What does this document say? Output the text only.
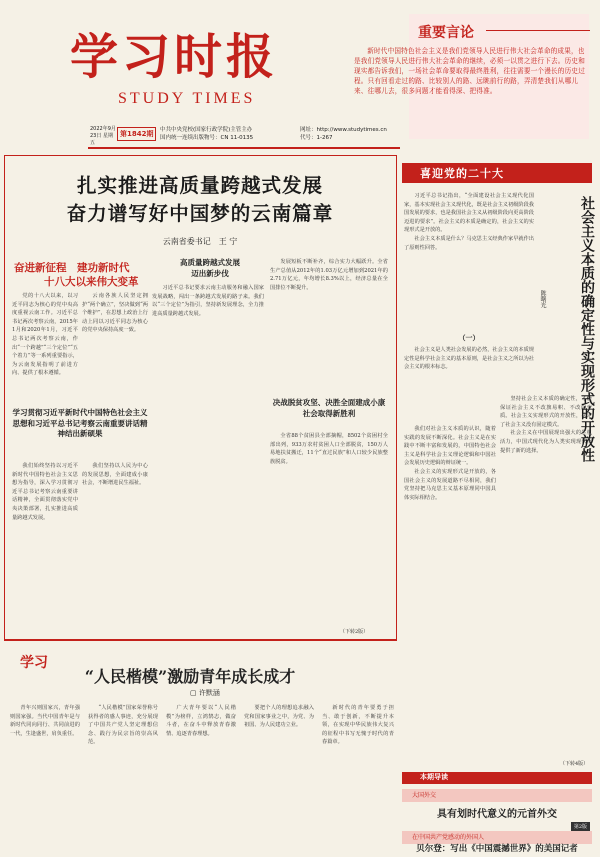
学习时报
STUDY TIMES
2022年9月23日 星期五
第1842期	中共中央党校(国家行政学院)主管主办
国内统一连续出版物号：CN 11-0135
网址：http://www.studytimes.cn
代号：1-267
重要言论
新时代中国特色社会主义是我们党领导人民进行伟大社会革命的成果，也是我们党领导人民进行伟大社会革命的继续，必须一以贯之进行下去。历史和现实都告诉我们，一场社会革命要取得最终胜利，往往需要一个漫长的历史过程。只有回看走过的路、比较别人的路、远眺前行的路，弄清楚我们从哪儿来、往哪儿去，很多问题才能看得深、把得准。
扎实推进高质量跨越式发展
奋力谱写好中国梦的云南篇章
云南省委书记　王 宁
奋进新征程　建功新时代
十八大以来伟大变革

党的十八大以来，以习近平同志为核心的党中央高度重视云南工作。习近平总书记两次考察云南，2015年1月和2020年1月，习近平总书记两次考察云南，作出“一个跨越”“三个定位”“五个着力”等一系列重要指示，为云南发展指明了前进方向、提供了根本遵循。

云南各族人民坚定拥护“两个确立”，坚决做到“两个维护”，在思想上政治上行动上同以习近平同志为核心的党中央保持高度一致。

学习贯彻习近平新时代中国特色社会主义思想和习近平总书记考察云南重要讲话精神结出新硕果

我们始终坚持以习近平新时代中国特色社会主义思想为指导，深入学习贯彻习近平总书记考察云南重要讲话精神，全面贯彻落实党中央决策部署，扎实推进高质量跨越式发展。

我们坚持以人民为中心的发展思想，全面建成小康社会，不断增进民生福祉。

高质量跨越式发展
迈出新步伐

习近平总书记要求云南主动服务和融入国家发展战略，闯出一条跨越式发展的路子来。我们以“三个定位”为指引，坚持新发展理念，全力推进高质量跨越式发展。

发展短板不断补齐，综合实力大幅跃升。全省生产总值从2012年的1.03万亿元增加到2021年的2.71万亿元，年均增长8.3%以上，经济总量在全国排位不断提升。

决战脱贫攻坚、决胜全面建成小康社会取得新胜利

全省88个贫困县全部摘帽，8502个贫困村全部出列，933万农村贫困人口全部脱贫，150万人易地扶贫搬迁，11个“直过民族”和人口较少民族整族脱贫。

（下转2版）
喜迎党的二十大
社会主义本质的确定性与实现形式的开放性
陈曙光

习近平总书记指出，“全面建设社会主义现代化国家，基本实现社会主义现代化，既是社会主义初级阶段我国发展的要求，也是我国社会主义从初级阶段向更高阶段迈进的要求”。社会主义的本质是确定的，社会主义的实现形式是开放的。

社会主义本质是什么？马克思主义经典作家早就作出了原则性回答。

（一）

社会主义是人类社会发展的必然，社会主义的本质规定性是科学社会主义的基本原则，是社会主义之所以为社会主义的根本标志。

我们对社会主义本质的认识，随着实践的发展不断深化。社会主义是在实践中不断丰富和发展的，中国特色社会主义是科学社会主义理论逻辑和中国社会发展历史逻辑的辩证统一。

社会主义的实现形式是开放的，各国社会主义的发展道路不尽相同，我们党坚持把马克思主义基本原理同中国具体实际相结合。

坚持社会主义本质的确定性，才能保证社会主义不改旗易帜、不改向变质。社会主义实现形式的开放性，决定了社会主义没有固定模式。

社会主义在中国展现出强大的生机活力，中国式现代化为人类实现现代化提供了新的选择。

（下转4版）
学习
“人民楷模”激励青年成长成才
▢ 许默涵

青年兴则国家兴，青年强则国家强。当代中国青年是与新时代同向同行、共同前进的一代，生逢盛世，肩负重任。

“人民楷模”国家荣誉称号获得者的感人事迹，充分展现了中国共产党人坚定理想信念、践行为民宗旨的崇高风范。

广大青年要以“人民楷模”为榜样，立鸿鹄志，做奋斗者，在奋斗中释放青春激情、追逐青春理想。

要把个人的理想追求融入党和国家事业之中，为党、为祖国、为人民建功立业。

新时代的青年要勇于担当、敢于创新，不断提升本领，在实现中华民族伟大复兴的征程中书写无愧于时代的青春篇章。

本期导读
大国外交
具有划时代意义的元首外交
第2版
在中国共产党感动的外国人
贝尔登：写出《中国震撼世界》的美国记者
